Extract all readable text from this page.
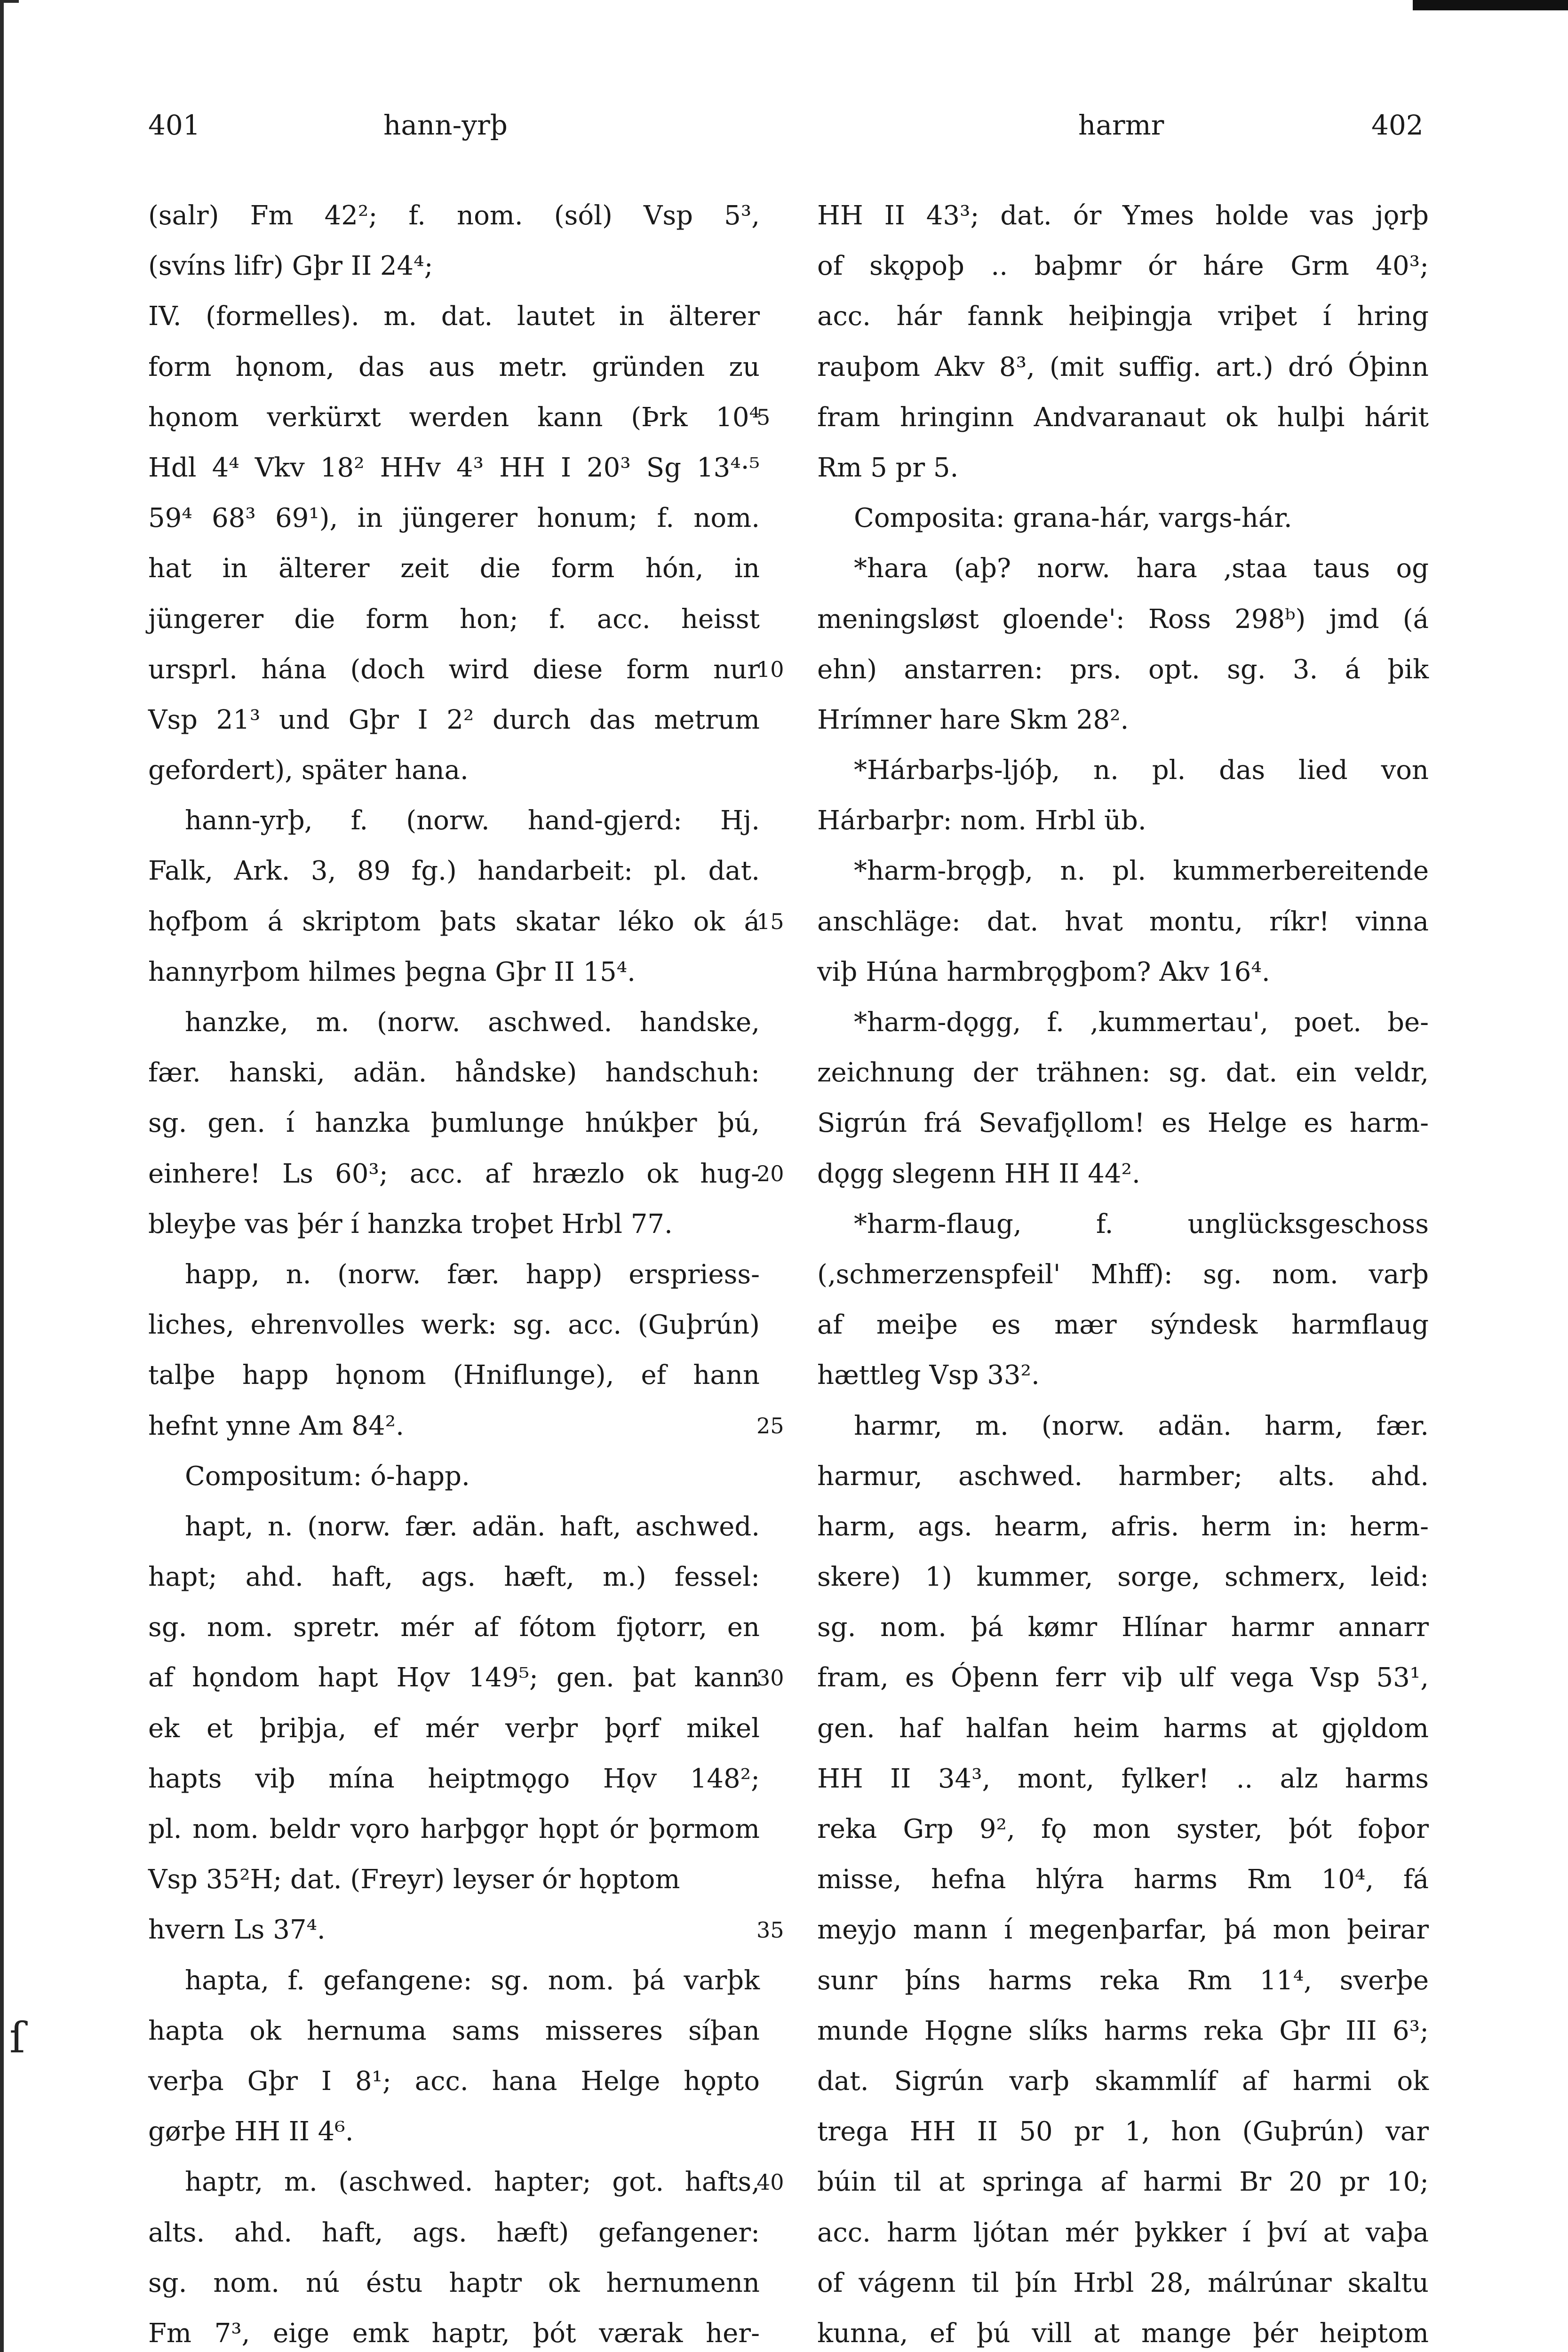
401	hann-yrþ	harmr	402
(salr) Fm 42²; f. nom. (sól) Vsp 5³,
(svíns lifr) Gþr II 24⁴;
IV. (formelles). m. dat. lautet in älterer
form hǫnom, das aus metr. gründen zu
hǫnom verkürxt werden kann (Þrk 10⁴
Hdl 4⁴ Vkv 18² HHv 4³ HH I 20³ Sg 13⁴·⁵
59⁴ 68³ 69¹), in jüngerer honum; f. nom.
hat in älterer zeit die form hón, in
jüngerer die form hon; f. acc. heisst
ursprl. hána (doch wird diese form nur
Vsp 21³ und Gþr I 2² durch das metrum
gefordert), später hana.
hann-yrþ, f. (norw. hand-gjerd: Hj.
Falk, Ark. 3, 89 fg.) handarbeit: pl. dat.
hǫfþom á skriptom þats skatar léko ok á
hannyrþom hilmes þegna Gþr II 15⁴.
hanzke, m. (norw. aschwed. handske,
fær. hanski, adän. håndske) handschuh:
sg. gen. í hanzka þumlunge hnúkþer þú,
einhere! Ls 60³; acc. af hræzlo ok hug-
bleyþe vas þér í hanzka troþet Hrbl 77.
happ, n. (norw. fær. happ) erspriess-
liches, ehrenvolles werk: sg. acc. (Guþrún)
talþe happ hǫnom (Hniflunge), ef hann
hefnt ynne Am 84².
Compositum: ó-happ.
hapt, n. (norw. fær. adän. haft, aschwed.
hapt; ahd. haft, ags. hæft, m.) fessel:
sg. nom. spretr. mér af fótom fjǫtorr, en
af hǫndom hapt Hǫv 149⁵; gen. þat kann
ek et þriþja, ef mér verþr þǫrf mikel
hapts viþ mína heiptmǫgo Hǫv 148²;
pl. nom. beldr vǫro harþgǫr hǫpt ór þǫrmom
Vsp 35²H; dat. (Freyr) leyser ór hǫptom
hvern Ls 37⁴.
hapta, f. gefangene: sg. nom. þá varþk
hapta ok hernuma sams misseres síþan
verþa Gþr I 8¹; acc. hana Helge hǫpto
gørþe HH II 4⁶.
haptr, m. (aschwed. hapter; got. hafts,
alts. ahd. haft, ags. hæft) gefangener:
sg. nom. nú éstu haptr ok hernumenn
Fm 7³, eige emk haptr, þót værak her-
5
10
15
20
25
30
35
40
HH II 43³; dat. ór Ymes holde vas jǫrþ
of skǫpoþ .. baþmr ór háre Grm 40³;
acc. hár fannk heiþingja vriþet í hring
rauþom Akv 8³, (mit suffig. art.) dró Óþinn
fram hringinn Andvaranaut ok hulþi hárit
Rm 5 pr 5.
Composita: grana-hár, vargs-hár.
*hara (aþ? norw. hara ‚staa taus og
meningsløst gloende': Ross 298ᵇ) jmd (á
ehn) anstarren: prs. opt. sg. 3. á þik
Hrímner hare Skm 28².
*Hárbarþs-ljóþ, n. pl. das lied von
Hárbarþr: nom. Hrbl üb.
*harm-brǫgþ, n. pl. kummerbereitende
anschläge: dat. hvat montu, ríkr! vinna
viþ Húna harmbrǫgþom? Akv 16⁴.
*harm-dǫgg, f. ‚kummertau', poet. be-
zeichnung der trähnen: sg. dat. ein veldr,
Sigrún frá Sevafjǫllom! es Helge es harm-
dǫgg slegenn HH II 44².
*harm-flaug, f. unglücksgeschoss
(‚schmerzenspfeil' Mhff): sg. nom. varþ
af meiþe es mær sýndesk harmflaug
hættleg Vsp 33².
harmr, m. (norw. adän. harm, fær.
harmur, aschwed. harmber; alts. ahd.
harm, ags. hearm, afris. herm in: herm-
skere) 1) kummer, sorge, schmerx, leid:
sg. nom. þá kømr Hlínar harmr annarr
fram, es Óþenn ferr viþ ulf vega Vsp 53¹,
gen. haf halfan heim harms at gjǫldom
HH II 34³, mont, fylker! .. alz harms
reka Grp 9², fǫ mon syster, þót foþor
misse, hefna hlýra harms Rm 10⁴, fá
meyjo mann í megenþarfar, þá mon þeirar
sunr þíns harms reka Rm 11⁴, sverþe
munde Hǫgne slíks harms reka Gþr III 6³;
dat. Sigrún varþ skammlíf af harmi ok
trega HH II 50 pr 1, hon (Guþrún) var
búin til at springa af harmi Br 20 pr 10;
acc. harm ljótan mér þykker í því at vaþa
of vágenn til þín Hrbl 28, málrúnar skaltu
kunna, ef þú vill at mange þér heiptom
ſ
